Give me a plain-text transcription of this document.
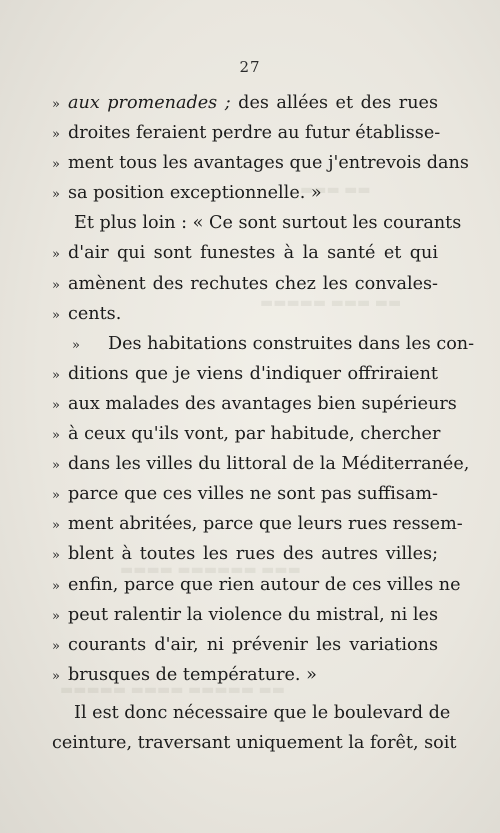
▬▬▬ ▬▬
▬▬▬▬▬ ▬▬▬ ▬▬
▬▬▬▬ ▬▬▬▬▬▬ ▬▬▬
▬▬▬▬▬ ▬▬▬▬ ▬▬▬▬▬ ▬▬
27
» aux promenades ; des allées et des rues
» droites feraient perdre au futur établisse-
» ment tous les avantages que j'entrevois dans
» sa position exceptionnelle. »
Et plus loin : « Ce sont surtout les courants
» d'air qui sont funestes à la santé et qui
» amènent des rechutes chez les convales-
» cents.
»	Des habitations construites dans les con-
» ditions que je viens d'indiquer offriraient
» aux malades des avantages bien supérieurs
» à ceux qu'ils vont, par habitude, chercher
» dans les villes du littoral de la Méditerranée,
» parce que ces villes ne sont pas suffisam-
» ment abritées, parce que leurs rues ressem-
» blent à toutes les rues des autres villes;
» enfin, parce que rien autour de ces villes ne
» peut ralentir la violence du mistral, ni les
» courants d'air, ni prévenir les variations
» brusques de température. »
Il est donc nécessaire que le boulevard de
ceinture, traversant uniquement la forêt, soit
